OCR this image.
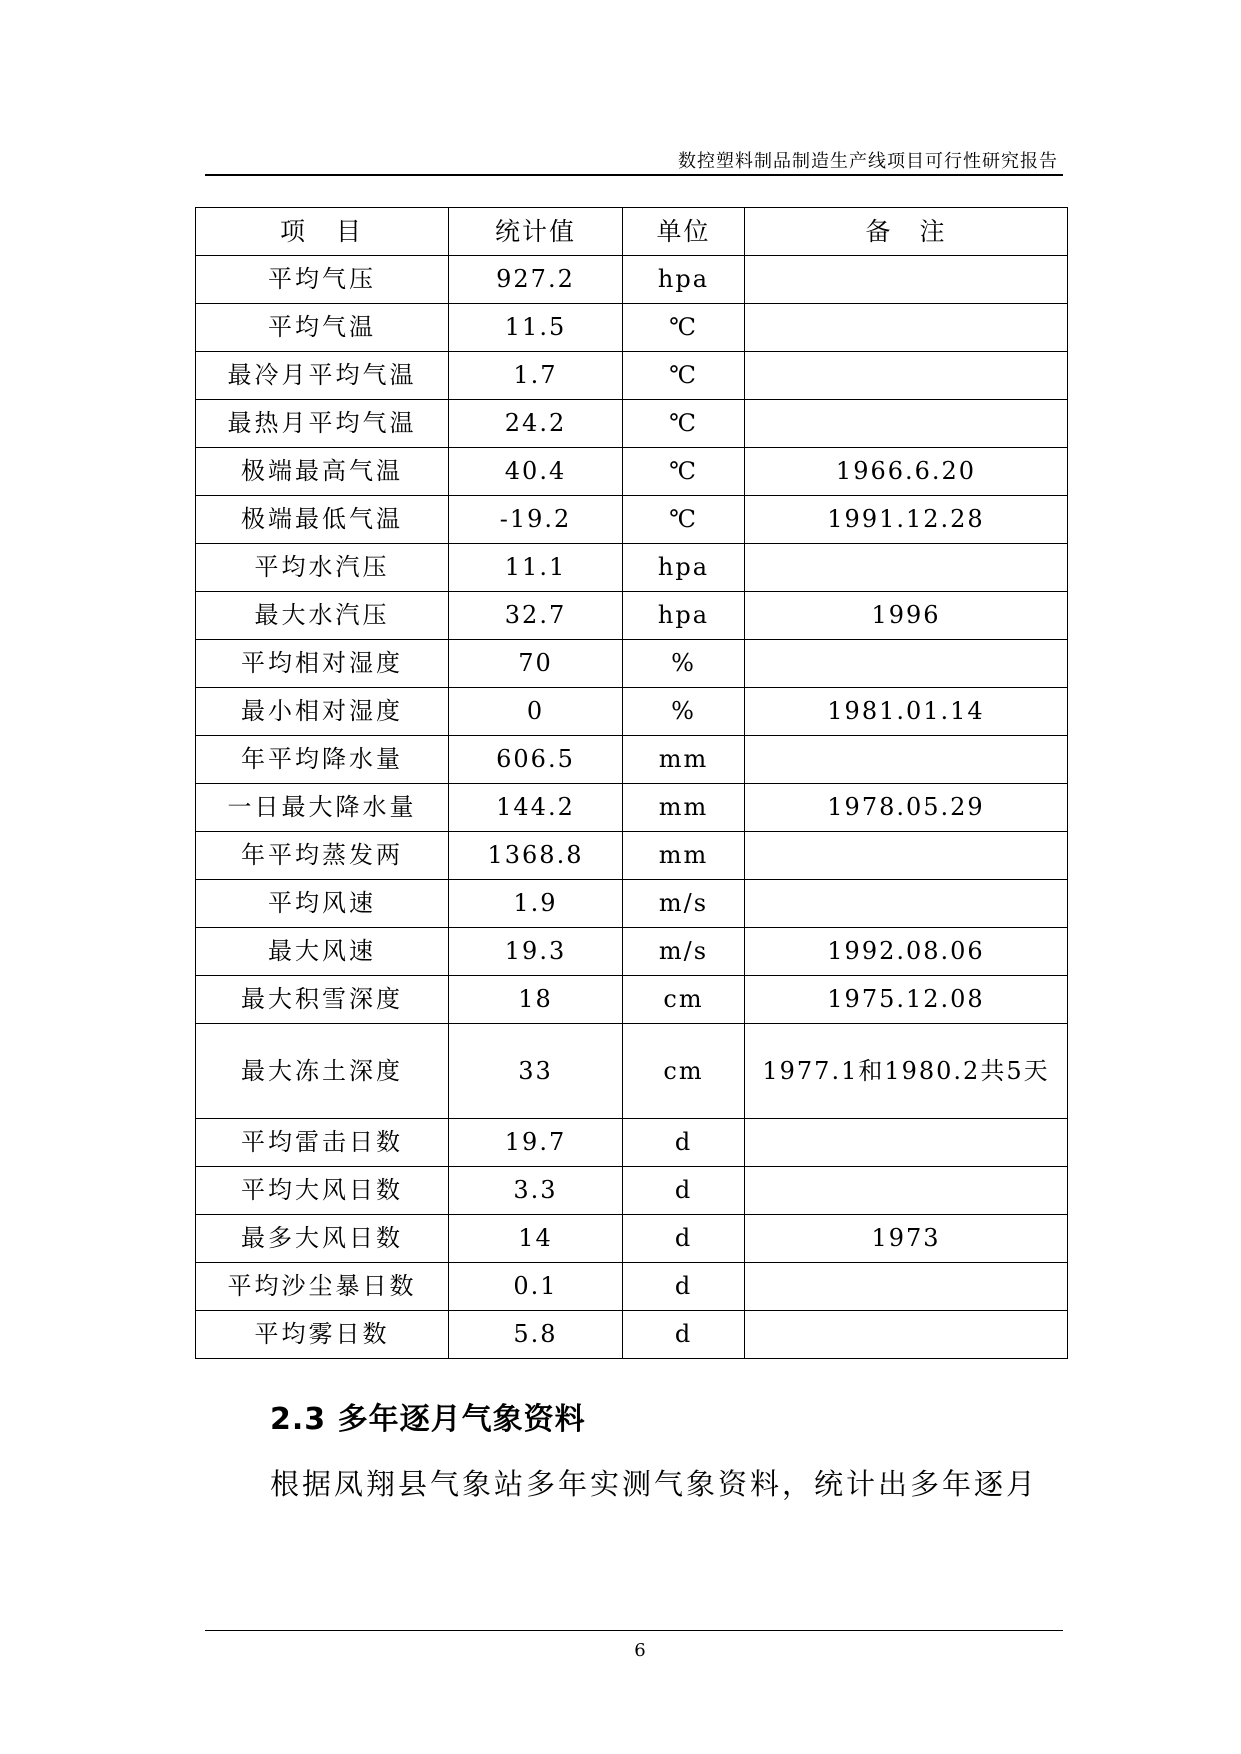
数控塑料制品制造生产线项目可行性研究报告
项　目	统计值	单位	备　注
平均气压	927.2	hpa	
平均气温	11.5	℃	
最冷月平均气温	1.7	℃	
最热月平均气温	24.2	℃	
极端最高气温	40.4	℃	1966.6.20
极端最低气温	-19.2	℃	1991.12.28
平均水汽压	11.1	hpa	
最大水汽压	32.7	hpa	1996
平均相对湿度	70	%	
最小相对湿度	0	%	1981.01.14
年平均降水量	606.5	mm	
一日最大降水量	144.2	mm	1978.05.29
年平均蒸发两	1368.8	mm	
平均风速	1.9	m/s	
最大风速	19.3	m/s	1992.08.06
最大积雪深度	18	cm	1975.12.08
最大冻土深度	33	cm	1977.1和1980.2共5天
平均雷击日数	19.7	d	
平均大风日数	3.3	d	
最多大风日数	14	d	1973
平均沙尘暴日数	0.1	d	
平均雾日数	5.8	d	
2.3 多年逐月气象资料
根据凤翔县气象站多年实测气象资料，统计出多年逐月
6
